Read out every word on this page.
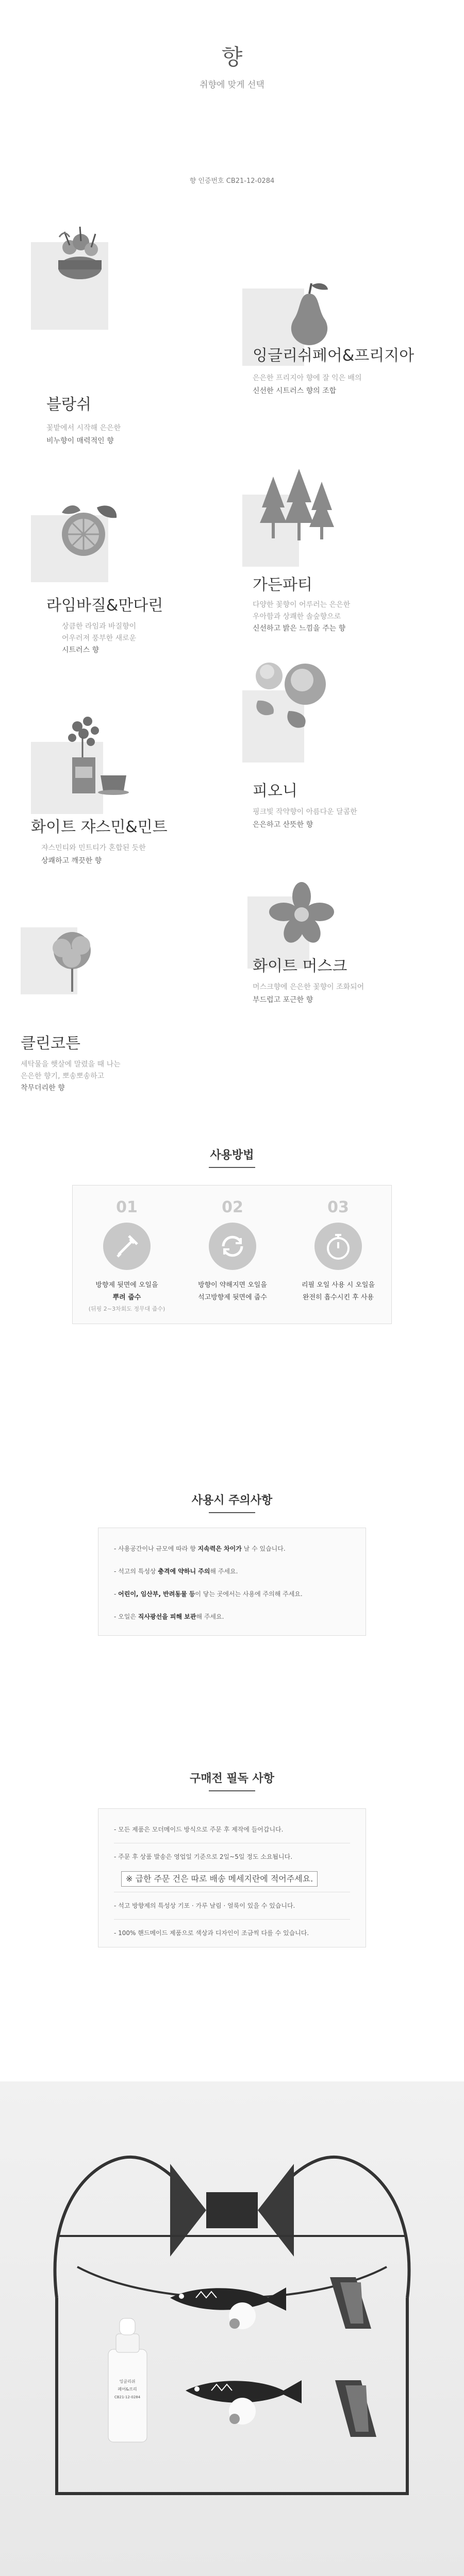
향
취향에 맞게 선택
향 인증번호 CB21-12-0284
블랑쉬
꽃밭에서 시작해 은은한
비누향이 매력적인 향
잉글리쉬페어&프리지아
은은한 프리지아 향에 잘 익은 배의
신선한 시트러스 향의 조합
라임바질&만다린
상큼한 라임과 바질향이
어우러져 풍부한 새로운
시트러스 향
가든파티
다양한 꽃향이 어루러는 은은한
우아함과 상쾌한 솔숲향으로
신선하고 밝은 느낌을 주는 향
화이트 쟈스민&민트
쟈스민티와 민트티가 혼합된 듯한
상쾌하고 깨끗한 향
피오니
핑크빛 작약향이 아름다운 달콤한
은은하고 산뜻한 향
클린코튼
세탁물을 햇살에 말렸을 때 나는
은은한 향기, 뽀송뽀송하고
착무더리한 향
화이트 머스크
머스크향에 은은한 꽃향이 조화되어
부드럽고 포근한 향
사용방법
01
방향제 뒷면에 오일을
뿌려 줍수
(뒤핑 2~3차회도 정무대 줍수)
02
방향이 약해지면 오일을
석고방향제 뒷면에 줍수
03
리필 오일 사용 시 오일을
완전히 흡수시킨 후 사용
사용시 주의사항
- 사용공간이나 규모에 따라 향 지속력은 차이가 날 수 있습니다.
- 석고의 특성상 충격에 약하니 주의해 주세요.
- 어린이, 임산부, 반려동물 등이 닿는 곳에서는 사용에 주의해 주세요.
- 오일은 직사광선을 피해 보관해 주세요.
구매전 필독 사항
- 모든 제품은 모더메이드 방식으로 주문 후 제작에 들어갑니다.
- 주문 후 상품 발송은 영업일 기준으로 2일~5일 정도 소요됩니다.
※ 급한 주문 건은 따로 배송 메세지란에 적어주세요.
- 석고 방향제의 특성상 기포 · 가루 날림 · 얼룩이 있을 수 있습니다.
- 100% 핸드메이드 제품으로 색상과 디자인이 조금씩 다를 수 있습니다.
잉글리쉬
페어&프리
CB21-12-0284
